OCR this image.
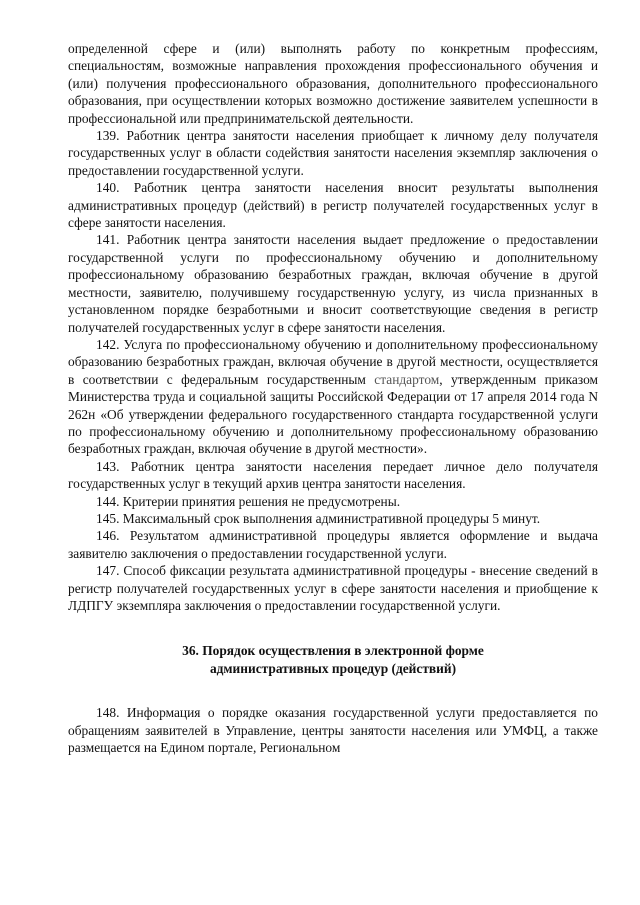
определенной сфере и (или) выполнять работу по конкретным профессиям, специальностям, возможные направления прохождения профессионального обучения и (или) получения профессионального образования, дополнительного профессионального образования, при осуществлении которых возможно достижение заявителем успешности в профессиональной или предпринимательской деятельности.

139. Работник центра занятости населения приобщает к личному делу получателя государственных услуг в области содействия занятости населения экземпляр заключения о предоставлении государственной услуги.

140. Работник центра занятости населения вносит результаты выполнения административных процедур (действий) в регистр получателей государственных услуг в сфере занятости населения.

141. Работник центра занятости населения выдает предложение о предоставлении государственной услуги по профессиональному обучению и дополнительному профессиональному образованию безработных граждан, включая обучение в другой местности, заявителю, получившему государственную услугу, из числа признанных в установленном порядке безработными и вносит соответствующие сведения в регистр получателей государственных услуг в сфере занятости населения.

142. Услуга по профессиональному обучению и дополнительному профессиональному образованию безработных граждан, включая обучение в другой местности, осуществляется в соответствии с федеральным государственным стандартом, утвержденным приказом Министерства труда и социальной защиты Российской Федерации от 17 апреля 2014 года N 262н «Об утверждении федерального государственного стандарта государственной услуги по профессиональному обучению и дополнительному профессиональному образованию безработных граждан, включая обучение в другой местности».

143. Работник центра занятости населения передает личное дело получателя государственных услуг в текущий архив центра занятости населения.

144. Критерии принятия решения не предусмотрены.

145. Максимальный срок выполнения административной процедуры 5 минут.

146. Результатом административной процедуры является оформление и выдача заявителю заключения о предоставлении государственной услуги.

147. Способ фиксации результата административной процедуры - внесение сведений в регистр получателей государственных услуг в сфере занятости населения и приобщение к ЛДПГУ экземпляра заключения о предоставлении государственной услуги.

36. Порядок осуществления в электронной форме
административных процедур (действий)

148. Информация о порядке оказания государственной услуги предоставляется по обращениям заявителей в Управление, центры занятости населения или УМФЦ, а также размещается на Едином портале, Региональном
